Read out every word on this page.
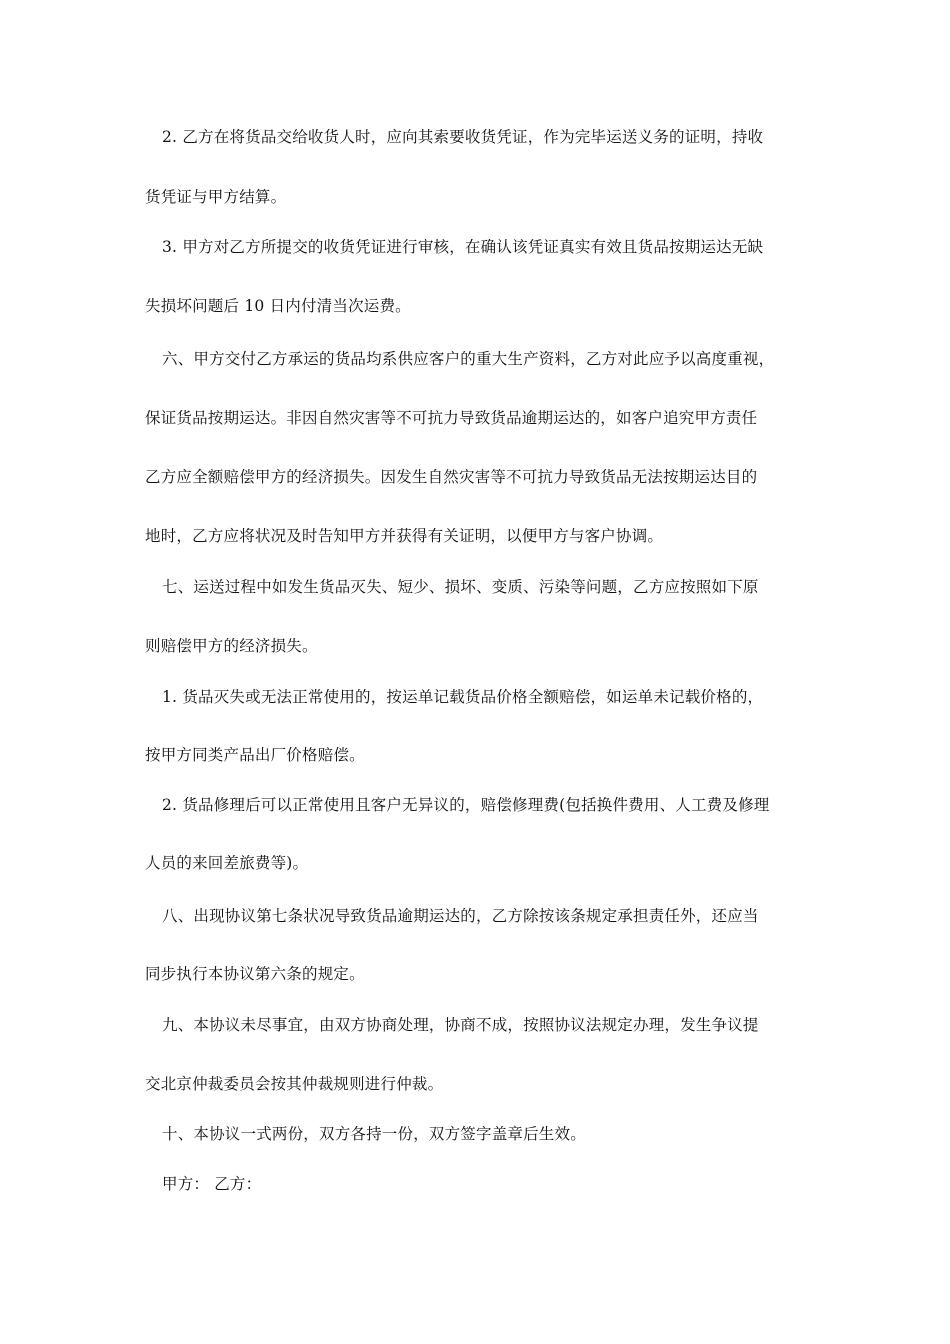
2. 乙方在将货品交给收货人时，应向其索要收货凭证，作为完毕运送义务的证明，持收
货凭证与甲方结算。
3. 甲方对乙方所提交的收货凭证进行审核，在确认该凭证真实有效且货品按期运达无缺
失损坏问题后 10 日内付清当次运费。
六、甲方交付乙方承运的货品均系供应客户的重大生产资料，乙方对此应予以高度重视，
保证货品按期运达。非因自然灾害等不可抗力导致货品逾期运达的，如客户追究甲方责任
乙方应全额赔偿甲方的经济损失。因发生自然灾害等不可抗力导致货品无法按期运达目的
地时，乙方应将状况及时告知甲方并获得有关证明，以便甲方与客户协调。
七、运送过程中如发生货品灭失、短少、损坏、变质、污染等问题，乙方应按照如下原
则赔偿甲方的经济损失。
1. 货品灭失或无法正常使用的，按运单记载货品价格全额赔偿，如运单未记载价格的，
按甲方同类产品出厂价格赔偿。
2. 货品修理后可以正常使用且客户无异议的，赔偿修理费(包括换件费用、人工费及修理
人员的来回差旅费等)。
八、出现协议第七条状况导致货品逾期运达的，乙方除按该条规定承担责任外，还应当
同步执行本协议第六条的规定。
九、本协议未尽事宜，由双方协商处理，协商不成，按照协议法规定办理，发生争议提
交北京仲裁委员会按其仲裁规则进行仲裁。
十、本协议一式两份，双方各持一份，双方签字盖章后生效。
甲方： 乙方：
